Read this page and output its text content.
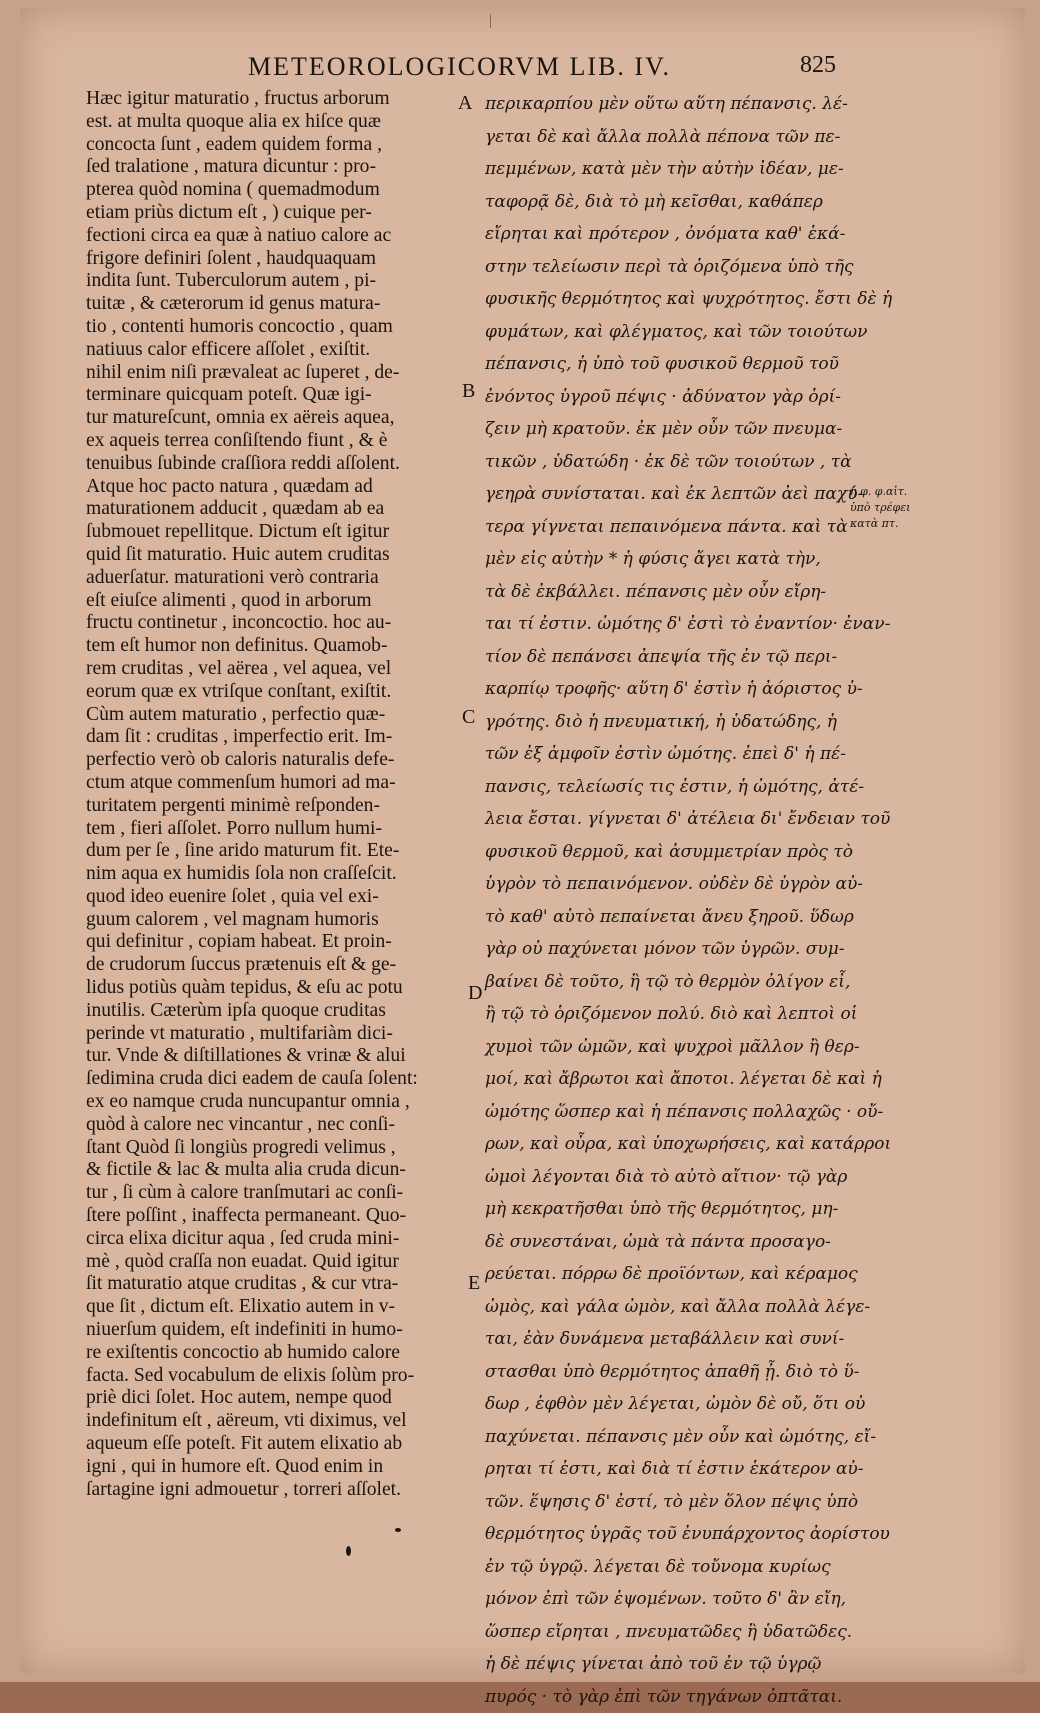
METEOROLOGICORVM LIB. IV.	825
Hæc igitur maturatio , fructus arborum
est. at multa quoque alia ex hiſce quæ
concocta ſunt , eadem quidem forma ,
ſed tralatione , matura dicuntur : pro-
pterea quòd nomina ( quemadmodum
etiam priùs dictum eſt , ) cuique per-
fectioni circa ea quæ à natiuo calore ac
frigore definiri ſolent , haudquaquam
indita ſunt. Tuberculorum autem , pi-
tuitæ , & cæterorum id genus matura-
tio , contenti humoris concoctio , quam
natiuus calor efficere aſſolet , exiſtit.
nihil enim niſi prævaleat ac ſuperet , de-
terminare quicquam poteſt. Quæ igi-
tur matureſcunt, omnia ex aëreis aquea,
ex aqueis terrea conſiſtendo fiunt , & è
tenuibus ſubinde craſſiora reddi aſſolent.
Atque hoc pacto natura , quædam ad
maturationem adducit , quædam ab ea
ſubmouet repellitque. Dictum eſt igitur
quid ſit maturatio. Huic autem cruditas
aduerſatur. maturationi verò contraria
eſt eiuſce alimenti , quod in arborum
fructu continetur , inconcoctio. hoc au-
tem eſt humor non definitus. Quamob-
rem cruditas , vel aërea , vel aquea, vel
eorum quæ ex vtriſque conſtant, exiſtit.
Cùm autem maturatio , perfectio quæ-
dam ſit : cruditas , imperfectio erit. Im-
perfectio verò ob caloris naturalis defe-
ctum atque commenſum humori ad ma-
turitatem pergenti minimè reſponden-
tem , fieri aſſolet. Porro nullum humi-
dum per ſe , ſine arido maturum fit. Ete-
nim aqua ex humidis ſola non craſſeſcit.
quod ideo euenire ſolet , quia vel exi-
guum calorem , vel magnam humoris
qui definitur , copiam habeat. Et proin-
de crudorum ſuccus prætenuis eſt & ge-
lidus potiùs quàm tepidus, & eſu ac potu
inutilis. Cæterùm ipſa quoque cruditas
perinde vt maturatio , multifariàm dici-
tur. Vnde & diſtillationes & vrinæ & alui
ſedimina cruda dici eadem de cauſa ſolent:
ex eo namque cruda nuncupantur omnia ,
quòd à calore nec vincantur , nec conſi-
ſtant Quòd ſi longiùs progredi velimus ,
& fictile & lac & multa alia cruda dicun-
tur , ſi cùm à calore tranſmutari ac conſi-
ſtere poſſint , inaffecta permaneant. Quo-
circa elixa dicitur aqua , ſed cruda mini-
mè , quòd craſſa non euadat. Quid igitur
ſit maturatio atque cruditas , & cur vtra-
que ſit , dictum eſt. Elixatio autem in v-
niuerſum quidem, eſt indefiniti in humo-
re exiſtentis concoctio ab humido calore
facta. Sed vocabulum de elixis ſolùm pro-
priè dici ſolet. Hoc autem, nempe quod
indefinitum eſt , aëreum, vti diximus, vel
aqueum eſſe poteſt. Fit autem elixatio ab
igni , qui in humore eſt. Quod enim in
ſartagine igni admouetur , torreri aſſolet.
περικαρπίου μὲν οὕτω αὕτη πέπανσις. λέ-
γεται δὲ καὶ ἄλλα πολλὰ πέπονα τῶν πε-
πεμμένων, κατὰ μὲν τὴν αὐτὴν ἰδέαν, με-
ταφορᾷ δὲ, διὰ τὸ μὴ κεῖσθαι, καθάπερ
εἴρηται καὶ πρότερον , ὀνόματα καθ' ἑκά-
στην τελείωσιν περὶ τὰ ὁριζόμενα ὑπὸ τῆς
φυσικῆς θερμότητος καὶ ψυχρότητος. ἔστι δὲ ἡ
φυμάτων, καὶ φλέγματος, καὶ τῶν τοιούτων
πέπανσις, ἡ ὑπὸ τοῦ φυσικοῦ θερμοῦ τοῦ
ἐνόντος ὑγροῦ πέψις · ἀδύνατον γὰρ ὁρί-
ζειν μὴ κρατοῦν. ἐκ μὲν οὖν τῶν πνευμα-
τικῶν , ὑδατώδη · ἐκ δὲ τῶν τοιούτων , τὰ
γεηρὰ συνίσταται. καὶ ἐκ λεπτῶν ἀεὶ παχύ-
τερα γίγνεται πεπαινόμενα πάντα. καὶ τὰ
μὲν εἰς αὐτὴν * ἡ φύσις ἄγει κατὰ τὴν,
τὰ δὲ ἐκβάλλει. πέπανσις μὲν οὖν εἴρη-
ται τί ἐστιν. ὠμότης δ' ἐστὶ τὸ ἐναντίον· ἐναν-
τίον δὲ πεπάνσει ἀπεψία τῆς ἐν τῷ περι-
καρπίῳ τροφῆς· αὕτη δ' ἐστὶν ἡ ἀόριστος ὑ-
γρότης. διὸ ἡ πνευματική, ἡ ὑδατώδης, ἡ
τῶν ἐξ ἀμφοῖν ἐστὶν ὠμότης. ἐπεὶ δ' ἡ πέ-
πανσις, τελείωσίς τις ἐστιν, ἡ ὠμότης, ἀτέ-
λεια ἔσται. γίγνεται δ' ἀτέλεια δι' ἔνδειαν τοῦ
φυσικοῦ θερμοῦ, καὶ ἀσυμμετρίαν πρὸς τὸ
ὑγρὸν τὸ πεπαινόμενον. οὐδὲν δὲ ὑγρὸν αὐ-
τὸ καθ' αὑτὸ πεπαίνεται ἄνευ ξηροῦ. ὕδωρ
γὰρ οὐ παχύνεται μόνον τῶν ὑγρῶν. συμ-
βαίνει δὲ τοῦτο, ἢ τῷ τὸ θερμὸν ὀλίγον εἶ,
ἢ τῷ τὸ ὁριζόμενον πολύ. διὸ καὶ λεπτοὶ οἱ
χυμοὶ τῶν ὠμῶν, καὶ ψυχροὶ μᾶλλον ἢ θερ-
μοί, καὶ ἄβρωτοι καὶ ἄποτοι. λέγεται δὲ καὶ ἡ
ὠμότης ὥσπερ καὶ ἡ πέπανσις πολλαχῶς · οὔ-
ρων, καὶ οὖρα, καὶ ὑποχωρήσεις, καὶ κατάρροι
ὠμοὶ λέγονται διὰ τὸ αὐτὸ αἴτιον· τῷ γὰρ
μὴ κεκρατῆσθαι ὑπὸ τῆς θερμότητος, μη-
δὲ συνεστάναι, ὠμὰ τὰ πάντα προσαγο-
ρεύεται. πόρρω δὲ προϊόντων, καὶ κέραμος
ὠμὸς, καὶ γάλα ὠμὸν, καὶ ἄλλα πολλὰ λέγε-
ται, ἐὰν δυνάμενα μεταβάλλειν καὶ συνί-
στασθαι ὑπὸ θερμότητος ἀπαθῆ ᾖ. διὸ τὸ ὕ-
δωρ , ἑφθὸν μὲν λέγεται, ὠμὸν δὲ οὔ, ὅτι οὐ
παχύνεται. πέπανσις μὲν οὖν καὶ ὠμότης, εἴ-
ρηται τί ἐστι, καὶ διὰ τί ἐστιν ἑκάτερον αὐ-
τῶν. ἕψησις δ' ἐστί, τὸ μὲν ὅλον πέψις ὑπὸ
θερμότητος ὑγρᾶς τοῦ ἐνυπάρχοντος ἀορίστου
ἐν τῷ ὑγρῷ. λέγεται δὲ τοὔνομα κυρίως
μόνον ἐπὶ τῶν ἑψομένων. τοῦτο δ' ἂν εἴη,
ὥσπερ εἴρηται , πνευματῶδες ἢ ὑδατῶδες.
ἡ δὲ πέψις γίνεται ἀπὸ τοῦ ἐν τῷ ὑγρῷ
πυρός · τὸ γὰρ ἐπὶ τῶν τηγάνων ὀπτᾶται.
A
B
C
D
E
ἡ φ. φ.αἰτ.
ὑπὸ τρέφει
κατὰ πτ.
